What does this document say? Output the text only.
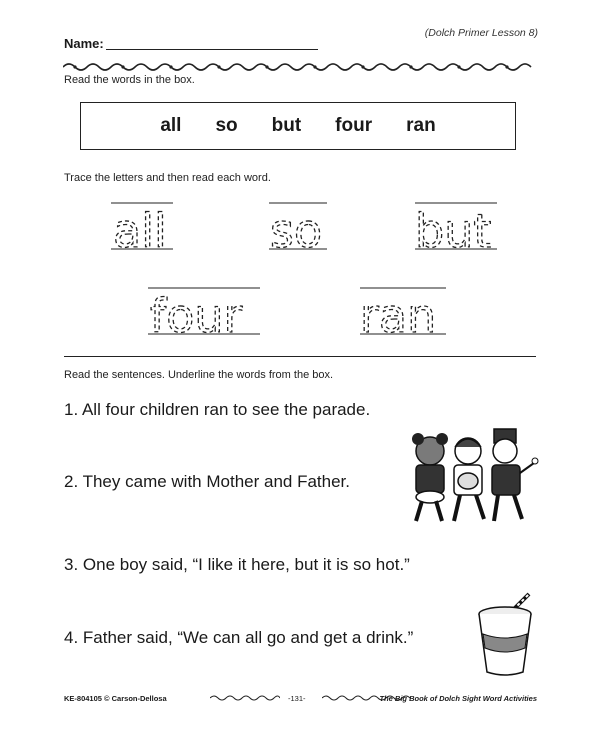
(Dolch Primer Lesson 8)
Name:
Read the words in the box.
all so but four ran
Trace the letters and then read each word.
all so but
four	ran
Read the sentences. Underline the words from the box.
1. All four children ran to see the parade.
2. They came with Mother and Father.
3. One boy said, “I like it here, but it is so hot.”
4. Father said, “We can all go and get a drink.”
KE-804105 © Carson-Dellosa	-131-	The Big Book of Dolch Sight Word Activities
